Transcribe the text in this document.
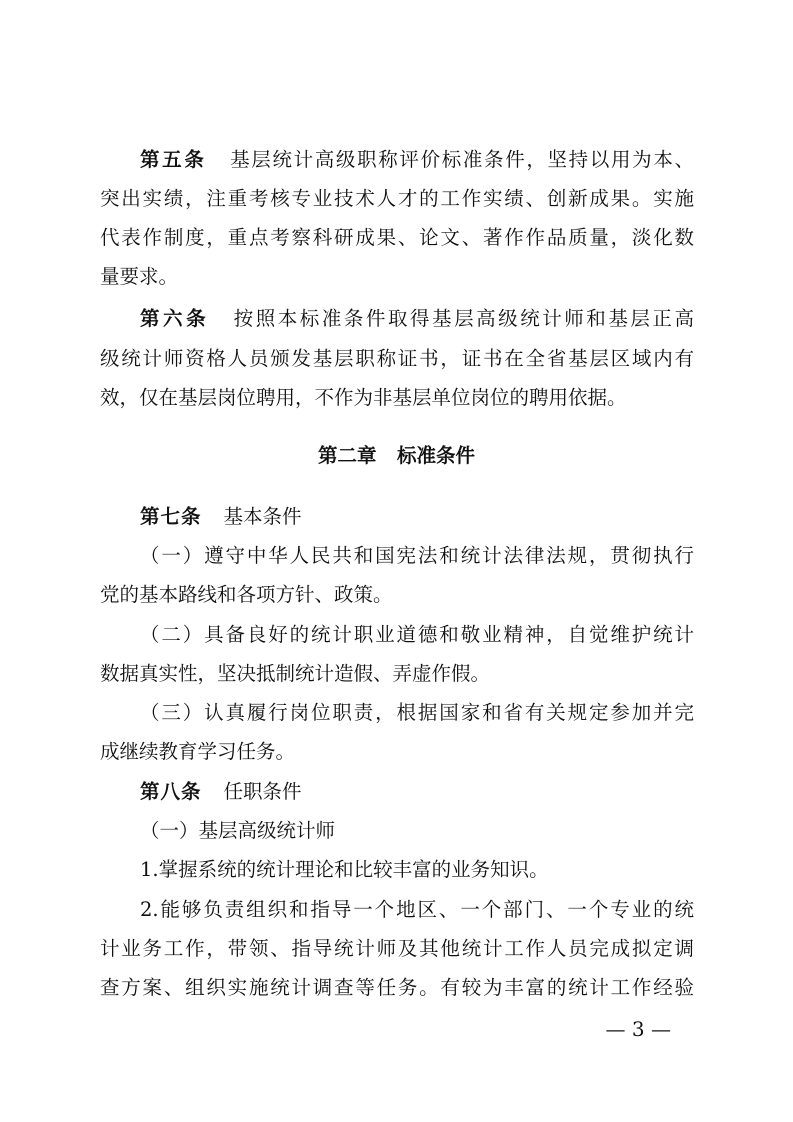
第五条 基层统计高级职称评价标准条件，坚持以用为本、
突出实绩，注重考核专业技术人才的工作实绩、创新成果。实施
代表作制度，重点考察科研成果、论文、著作作品质量，淡化数
量要求。
第六条 按照本标准条件取得基层高级统计师和基层正高
级统计师资格人员颁发基层职称证书，证书在全省基层区域内有
效，仅在基层岗位聘用，不作为非基层单位岗位的聘用依据。
第二章 标准条件
第七条 基本条件
（一）遵守中华人民共和国宪法和统计法律法规，贯彻执行
党的基本路线和各项方针、政策。
（二）具备良好的统计职业道德和敬业精神，自觉维护统计
数据真实性，坚决抵制统计造假、弄虚作假。
（三）认真履行岗位职责，根据国家和省有关规定参加并完
成继续教育学习任务。
第八条 任职条件
（一）基层高级统计师
1.掌握系统的统计理论和比较丰富的业务知识。
2.能够负责组织和指导一个地区、一个部门、一个专业的统
计业务工作，带领、指导统计师及其他统计工作人员完成拟定调
查方案、组织实施统计调查等任务。有较为丰富的统计工作经验
— 3 —
